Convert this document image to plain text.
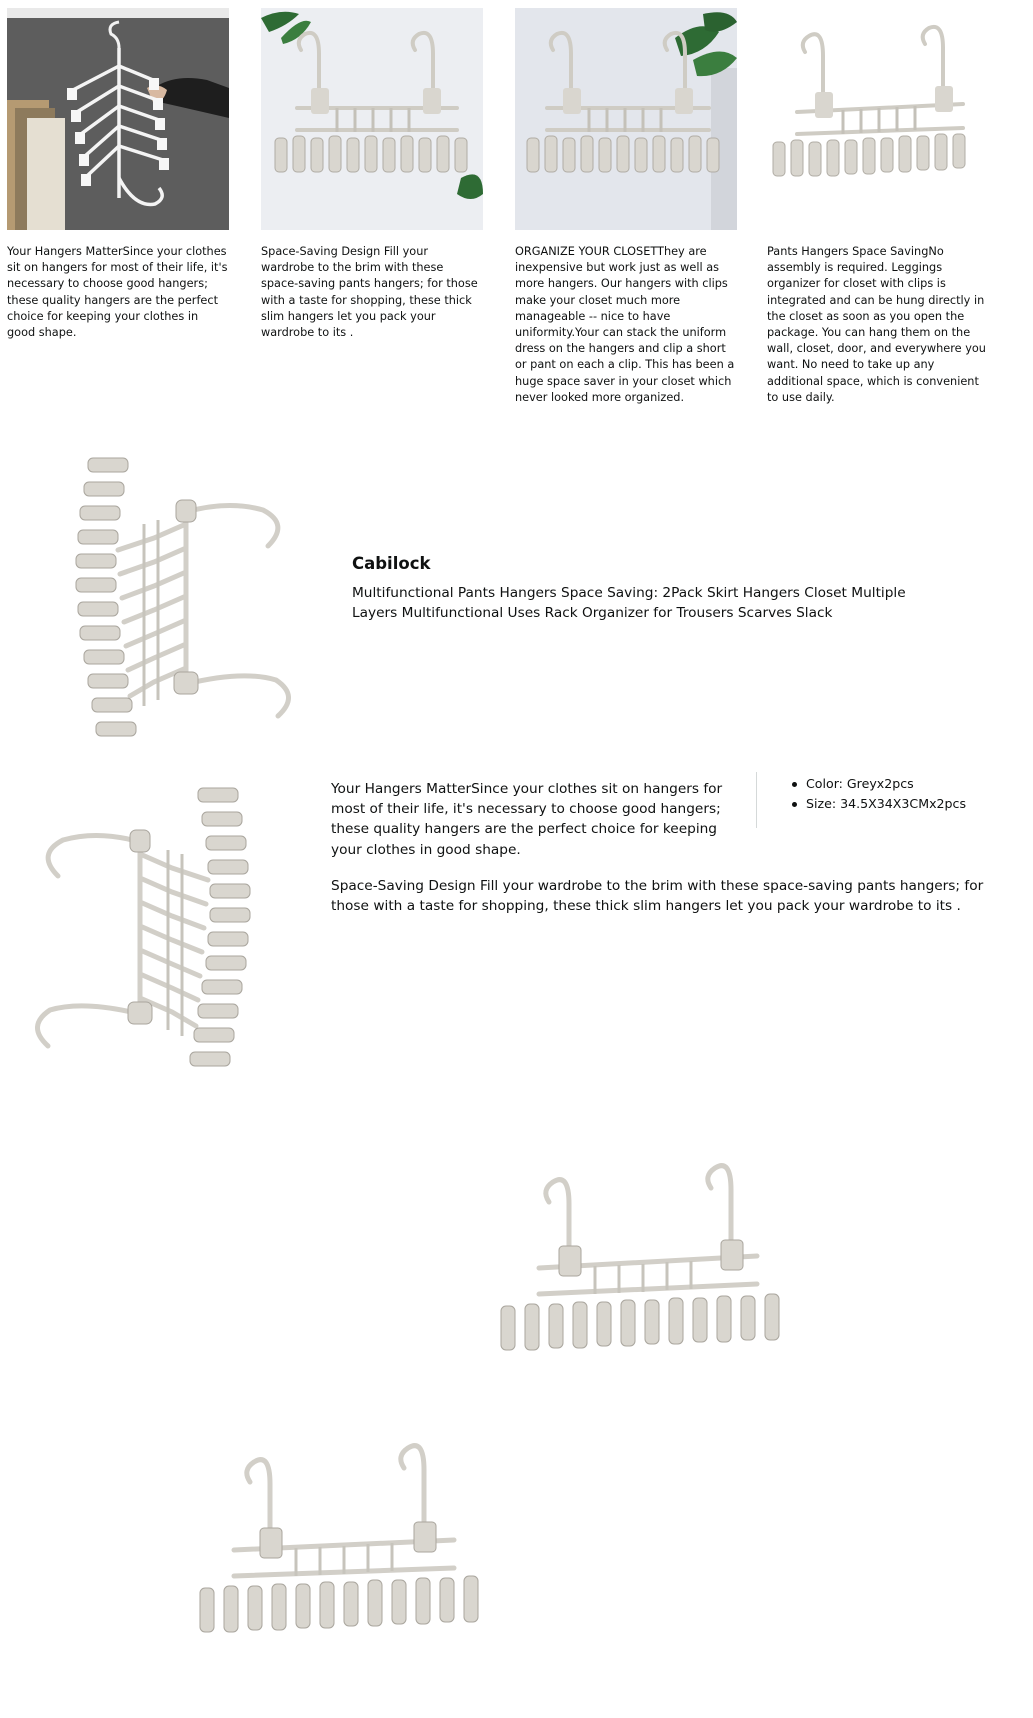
Your Hangers MatterSince your clothes sit on hangers for most of their life, it's necessary to choose good hangers; these quality hangers are the perfect choice for keeping your clothes in good shape.
Space-Saving Design Fill your wardrobe to the brim with these space-saving pants hangers; for those with a taste for shopping, these thick slim hangers let you pack your wardrobe to its .
ORGANIZE YOUR CLOSETThey are inexpensive but work just as well as more hangers. Our hangers with clips make your closet much more manageable -- nice to have uniformity.Your can stack the uniform dress on the hangers and clip a short or pant on each a clip. This has been a huge space saver in your closet which never looked more organized.
Pants Hangers Space SavingNo assembly is required. Leggings organizer for closet with clips is integrated and can be hung directly in the closet as soon as you open the package. You can hang them on the wall, closet, door, and everywhere you want. No need to take up any additional space, which is convenient to use daily.
Cabilock
Multifunctional Pants Hangers Space Saving: 2Pack Skirt Hangers Closet Multiple Layers Multifunctional Uses Rack Organizer for Trousers Scarves Slack
Your Hangers MatterSince your clothes sit on hangers for most of their life, it's necessary to choose good hangers; these quality hangers are the perfect choice for keeping your clothes in good shape.
Color: Greyx2pcs
Size: 34.5X34X3CMx2pcs
Space-Saving Design Fill your wardrobe to the brim with these space-saving pants hangers; for those with a taste for shopping, these thick slim hangers let you pack your wardrobe to its .
